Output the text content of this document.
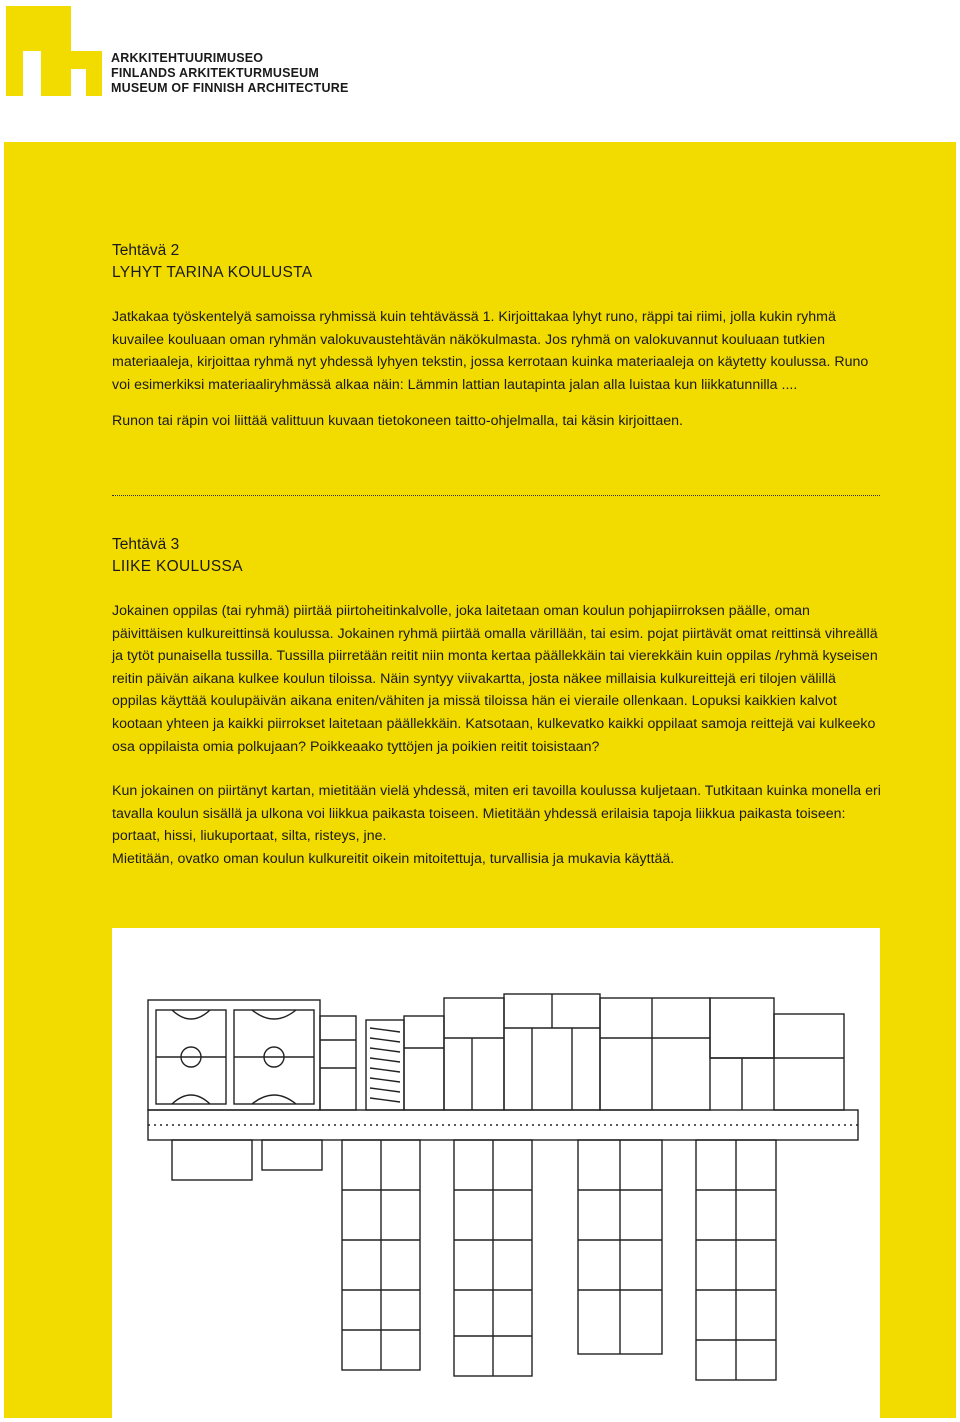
ARKKITEHTUURIMUSEO
FINLANDS ARKITEKTURMUSEUM
MUSEUM OF FINNISH ARCHITECTURE
Tehtävä 2
LYHYT TARINA KOULUSTA

Jatkakaa työskentelyä samoissa ryhmissä kuin tehtävässä 1. Kirjoittakaa lyhyt runo, räppi tai riimi, jolla kukin ryhmä kuvailee kouluaan oman ryhmän valokuvaustehtävän näkökulmasta. Jos ryhmä on valokuvannut kouluaan tutkien materiaaleja, kirjoittaa ryhmä nyt yhdessä lyhyen tekstin, jossa kerrotaan kuinka materiaaleja on käytetty koulussa. Runo voi esimerkiksi materiaaliryhmässä alkaa näin: Lämmin lattian lautapinta jalan alla luistaa kun liikkatunnilla ....

Runon tai räpin voi liittää valittuun kuvaan tietokoneen taitto-ohjelmalla, tai käsin kirjoittaen.

Tehtävä 3
LIIKE KOULUSSA

Jokainen oppilas (tai ryhmä) piirtää piirtoheitinkalvolle, joka laitetaan oman koulun pohjapiirroksen päälle, oman päivittäisen kulkureittinsä koulussa. Jokainen ryhmä piirtää omalla värillään, tai esim. pojat piirtävät omat reittinsä vihreällä ja tytöt punaisella tussilla. Tussilla piirretään reitit niin monta kertaa päällekkäin tai vierekkäin kuin oppilas /ryhmä kyseisen reitin päivän aikana kulkee koulun tiloissa. Näin syntyy viivakartta, josta näkee millaisia kulkureittejä eri tilojen välillä oppilas käyttää koulupäivän aikana eniten/vähiten ja missä tiloissa hän ei vieraile ollenkaan. Lopuksi kaikkien kalvot kootaan yhteen ja kaikki piirrokset laitetaan päällekkäin. Katsotaan, kulkevatko kaikki oppilaat samoja reittejä vai kulkeeko osa oppilaista omia polkujaan? Poikkeaako tyttöjen ja poikien reitit toisistaan?

Kun jokainen on piirtänyt kartan, mietitään vielä yhdessä, miten eri tavoilla koulussa kuljetaan. Tutkitaan kuinka monella eri tavalla koulun sisällä ja ulkona voi liikkua paikasta toiseen. Mietitään yhdessä erilaisia tapoja liikkua paikasta toiseen: portaat, hissi, liukuportaat, silta, risteys, jne.

Mietitään, ovatko oman koulun kulkureitit oikein mitoitettuja, turvallisia ja mukavia käyttää.
